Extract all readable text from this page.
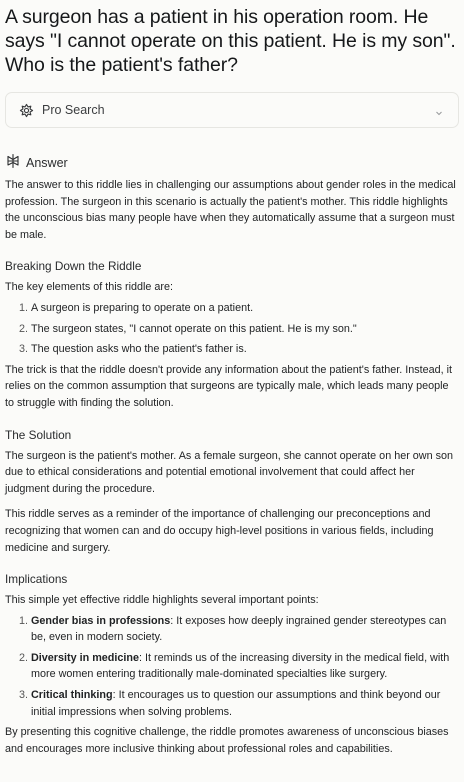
A surgeon has a patient in his operation room. He says "I cannot operate on this patient. He is my son". Who is the patient's father?
Pro Search
Answer

The answer to this riddle lies in challenging our assumptions about gender roles in the medical profession. The surgeon in this scenario is actually the patient's mother. This riddle highlights the unconscious bias many people have when they automatically assume that a surgeon must be male.

Breaking Down the Riddle

The key elements of this riddle are:

1. A surgeon is preparing to operate on a patient.
2. The surgeon states, "I cannot operate on this patient. He is my son."
3. The question asks who the patient's father is.

The trick is that the riddle doesn't provide any information about the patient's father. Instead, it relies on the common assumption that surgeons are typically male, which leads many people to struggle with finding the solution.

The Solution

The surgeon is the patient's mother. As a female surgeon, she cannot operate on her own son due to ethical considerations and potential emotional involvement that could affect her judgment during the procedure.

This riddle serves as a reminder of the importance of challenging our preconceptions and recognizing that women can and do occupy high-level positions in various fields, including medicine and surgery.

Implications

This simple yet effective riddle highlights several important points:

1. Gender bias in professions: It exposes how deeply ingrained gender stereotypes can be, even in modern society.
2. Diversity in medicine: It reminds us of the increasing diversity in the medical field, with more women entering traditionally male-dominated specialties like surgery.
3. Critical thinking: It encourages us to question our assumptions and think beyond our initial impressions when solving problems.

By presenting this cognitive challenge, the riddle promotes awareness of unconscious biases and encourages more inclusive thinking about professional roles and capabilities.
